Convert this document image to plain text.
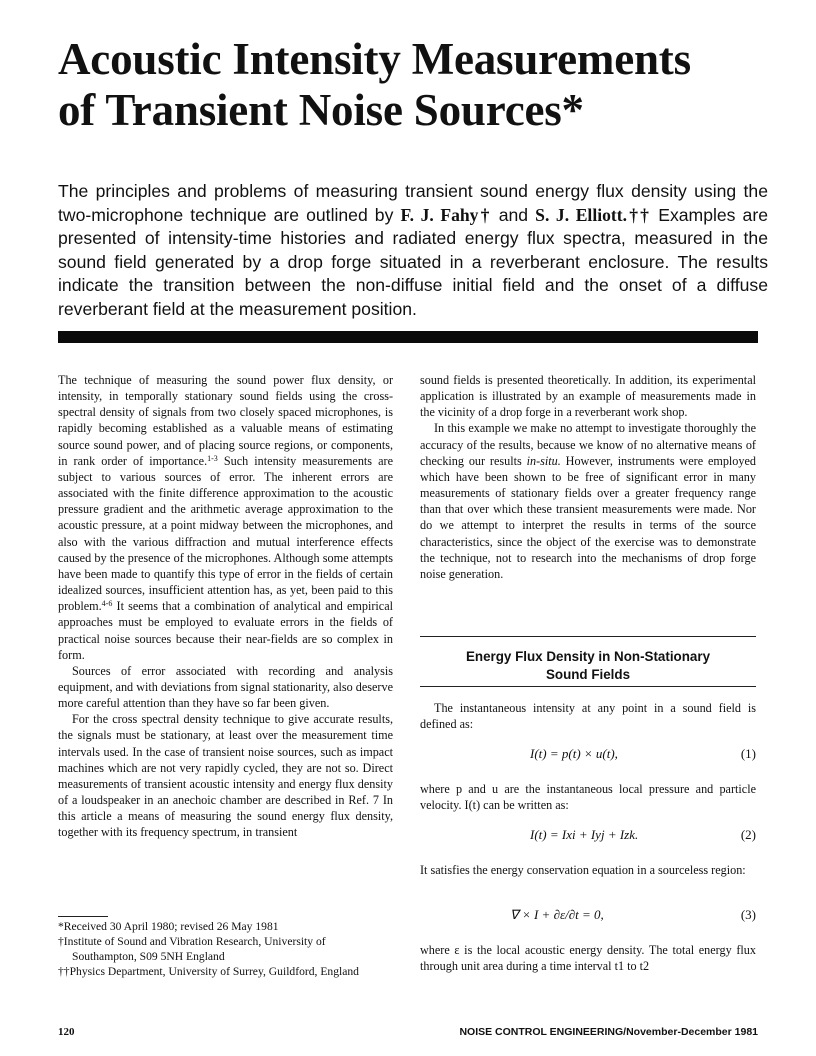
Acoustic Intensity Measurements
of Transient Noise Sources*
The principles and problems of measuring transient sound energy flux density using the two-microphone technique are outlined by F. J. Fahy† and S. J. Elliott.†† Examples are presented of intensity-time histories and radiated energy flux spectra, measured in the sound field generated by a drop forge situated in a reverberant enclosure. The results indicate the transition between the non-diffuse initial field and the onset of a diffuse reverberant field at the measurement position.

The technique of measuring the sound power flux density, or intensity, in temporally stationary sound fields using the cross-spectral density of signals from two closely spaced microphones, is rapidly becoming established as a valuable means of estimating source sound power, and of placing source regions, or components, in rank order of importance.$^{1-3}$ Such intensity measurements are subject to various sources of error. The inherent errors are associated with the finite difference approximation to the acoustic pressure gradient and the arithmetic average approximation to the acoustic pressure, at a point midway between the microphones, and also with the various diffraction and mutual interference effects caused by the presence of the microphones. Although some attempts have been made to quantify this type of error in the fields of certain idealized sources, insufficient attention has, as yet, been paid to this problem.$^{4-6}$ It seems that a combination of analytical and empirical approaches must be employed to evaluate errors in the fields of practical noise sources because their near-fields are so complex in form.

Sources of error associated with recording and analysis equipment, and with deviations from signal stationarity, also deserve more careful attention than they have so far been given.

For the cross spectral density technique to give accurate results, the signals must be stationary, at least over the measurement time intervals used. In the case of transient noise sources, such as impact machines which are not very rapidly cycled, they are not so. Direct measurements of transient acoustic intensity and energy flux density of a loudspeaker in an anechoic chamber are described in Ref. 7 In this article a means of measuring the sound energy flux density, together with its frequency spectrum, in transient

*Received 30 April 1980; revised 26 May 1981

†Institute of Sound and Vibration Research, University of Southampton, S09 5NH England

††Physics Department, University of Surrey, Guildford, England

sound fields is presented theoretically. In addition, its experimental application is illustrated by an example of measurements made in the vicinity of a drop forge in a reverberant work shop.

In this example we make no attempt to investigate thoroughly the accuracy of the results, because we know of no alternative means of checking our results in-situ. However, instruments were employed which have been shown to be free of significant error in many measurements of stationary fields over a greater frequency range than that over which these transient measurements were made. Nor do we attempt to interpret the results in terms of the source characteristics, since the object of the exercise was to demonstrate the technique, not to research into the mechanisms of drop forge noise generation.

Energy Flux Density in Non-Stationary
Sound Fields
The instantaneous intensity at any point in a sound field is defined as:
I(t) = p(t) × u(t),	(1)
where p and u are the instantaneous local pressure and particle velocity. I(t) can be written as:
I(t) = Ixi + Iyj + Izk.	(2)
It satisfies the energy conservation equation in a sourceless region:
∇ × I + ∂ε/∂t = 0,	(3)
where ε is the local acoustic energy density. The total energy flux through unit area during a time interval t1 to t2
120	NOISE CONTROL ENGINEERING/November-December 1981
